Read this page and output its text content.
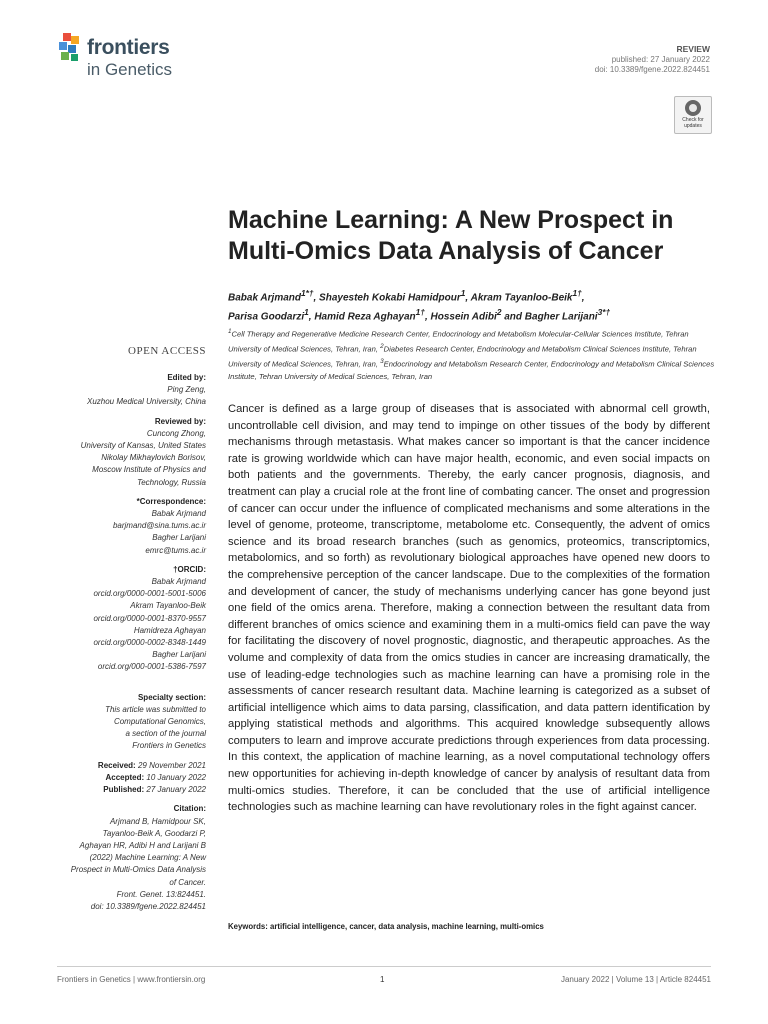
frontiers
in Genetics
REVIEW
published: 27 January 2022
doi: 10.3389/fgene.2022.824451
Check for
updates
Machine Learning: A New Prospect in Multi-Omics Data Analysis of Cancer
Babak Arjmand$^{1*\dagger}$, Shayesteh Kokabi Hamidpour$^1$, Akram Tayanloo-Beik$^{1\dagger}$,
Parisa Goodarzi$^1$, Hamid Reza Aghayan$^{1\dagger}$, Hossein Adibi$^2$ and Bagher Larijani$^{3*\dagger}$
$^1$Cell Therapy and Regenerative Medicine Research Center, Endocrinology and Metabolism Molecular-Cellular Sciences Institute, Tehran University of Medical Sciences, Tehran, Iran, $^2$Diabetes Research Center, Endocrinology and Metabolism Clinical Sciences Institute, Tehran University of Medical Sciences, Tehran, Iran, $^3$Endocrinology and Metabolism Research Center, Endocrinology and Metabolism Clinical Sciences Institute, Tehran University of Medical Sciences, Tehran, Iran
OPEN ACCESS
Edited by:
Ping Zeng,
Xuzhou Medical University, China
Reviewed by:
Cuncong Zhong,
University of Kansas, United States
Nikolay Mikhaylovich Borisov,
Moscow Institute of Physics and
Technology, Russia
*Correspondence:
Babak Arjmand
barjmand@sina.tums.ac.ir
Bagher Larijani
emrc@tums.ac.ir
†ORCID:
Babak Arjmand
orcid.org/0000-0001-5001-5006
Akram Tayanloo-Beik
orcid.org/0000-0001-8370-9557
Hamidreza Aghayan
orcid.org/0000-0002-8348-1449
Bagher Larijani
orcid.org/000-0001-5386-7597
Specialty section:
This article was submitted to
Computational Genomics,
a section of the journal
Frontiers in Genetics
Received: 29 November 2021
Accepted: 10 January 2022
Published: 27 January 2022
Citation:
Arjmand B, Hamidpour SK,
Tayanloo-Beik A, Goodarzi P,
Aghayan HR, Adibi H and Larijani B
(2022) Machine Learning: A New
Prospect in Multi-Omics Data Analysis
of Cancer.
Front. Genet. 13:824451.
doi: 10.3389/fgene.2022.824451
Cancer is defined as a large group of diseases that is associated with abnormal cell growth, uncontrollable cell division, and may tend to impinge on other tissues of the body by different mechanisms through metastasis. What makes cancer so important is that the cancer incidence rate is growing worldwide which can have major health, economic, and even social impacts on both patients and the governments. Thereby, the early cancer prognosis, diagnosis, and treatment can play a crucial role at the front line of combating cancer. The onset and progression of cancer can occur under the influence of complicated mechanisms and some alterations in the level of genome, proteome, transcriptome, metabolome etc. Consequently, the advent of omics science and its broad research branches (such as genomics, proteomics, transcriptomics, metabolomics, and so forth) as revolutionary biological approaches have opened new doors to the comprehensive perception of the cancer landscape. Due to the complexities of the formation and development of cancer, the study of mechanisms underlying cancer has gone beyond just one field of the omics arena. Therefore, making a connection between the resultant data from different branches of omics science and examining them in a multi-omics field can pave the way for facilitating the discovery of novel prognostic, diagnostic, and therapeutic approaches. As the volume and complexity of data from the omics studies in cancer are increasing dramatically, the use of leading-edge technologies such as machine learning can have a promising role in the assessments of cancer research resultant data. Machine learning is categorized as a subset of artificial intelligence which aims to data parsing, classification, and data pattern identification by applying statistical methods and algorithms. This acquired knowledge subsequently allows computers to learn and improve accurate predictions through experiences from data processing. In this context, the application of machine learning, as a novel computational technology offers new opportunities for achieving in-depth knowledge of cancer by analysis of resultant data from multi-omics studies. Therefore, it can be concluded that the use of artificial intelligence technologies such as machine learning can have revolutionary roles in the fight against cancer.
Keywords: artificial intelligence, cancer, data analysis, machine learning, multi-omics
Frontiers in Genetics | www.frontiersin.org	1	January 2022 | Volume 13 | Article 824451
